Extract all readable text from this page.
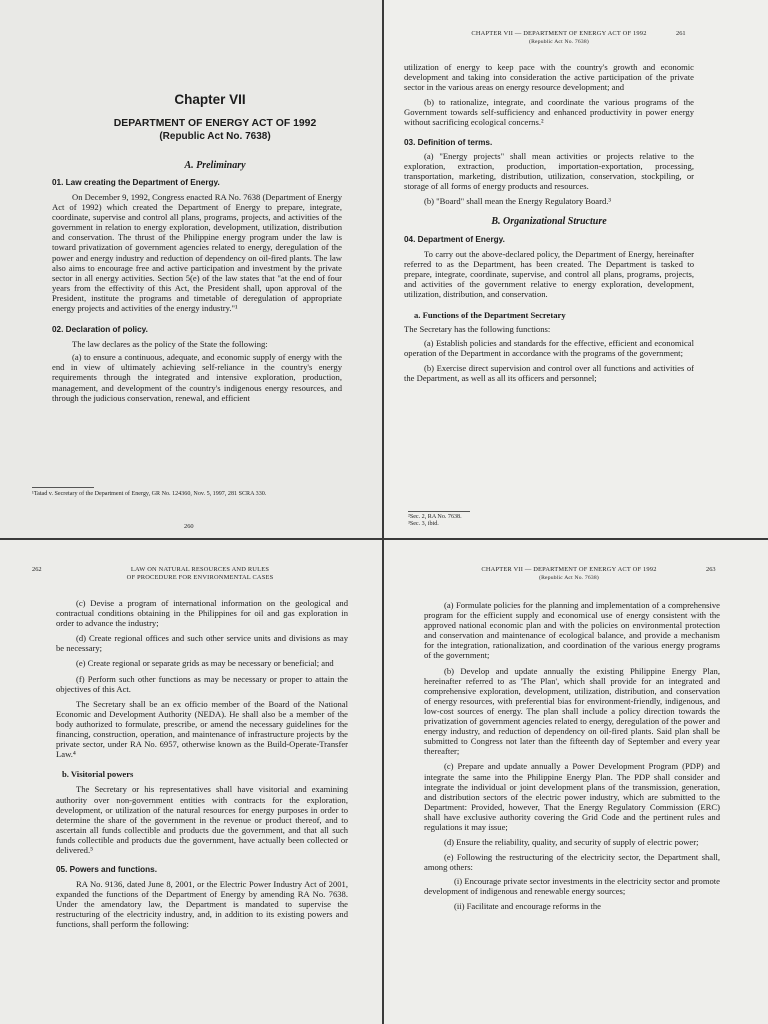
Chapter VII
DEPARTMENT OF ENERGY ACT OF 1992
(Republic Act No. 7638)

A. Preliminary

01. Law creating the Department of Energy.

On December 9, 1992, Congress enacted RA No. 7638 (Department of Energy Act of 1992) which created the Department of Energy to prepare, integrate, coordinate, supervise and control all plans, programs, projects, and activities of the government in relation to energy exploration, development, utilization, distribution and conservation. The thrust of the Philippine energy program under the law is toward privatization of government agencies related to energy, deregulation of the power and energy industry and reduction of dependency on oil-fired plants. The law also aims to encourage free and active participation and investment by the private sector in all energy activities. Section 5(e) of the law states that "at the end of four years from the effectivity of this Act, the President shall, upon approval of the President, institute the programs and timetable of deregulation of appropriate energy projects and activities of the energy industry."¹

02. Declaration of policy.

The law declares as the policy of the State the following:

(a) to ensure a continuous, adequate, and economic supply of energy with the end in view of ultimately achieving self-reliance in the country's energy requirements through the integrated and intensive exploration, production, management, and development of the country's indigenous energy resources, and through the judicious conservation, renewal, and efficient

¹Tatad v. Secretary of the Department of Energy, GR No. 124360, Nov. 5, 1997, 281 SCRA 330.

260
CHAPTER VII — DEPARTMENT OF ENERGY ACT OF 1992
(Republic Act No. 7638)
261

utilization of energy to keep pace with the country's growth and economic development and taking into consideration the active participation of the private sector in the various areas on energy resource development; and

(b) to rationalize, integrate, and coordinate the various programs of the Government towards self-sufficiency and enhanced productivity in power energy without sacrificing ecological concerns.²

03. Definition of terms.

(a) "Energy projects" shall mean activities or projects relative to the exploration, extraction, production, importation-exportation, processing, transportation, marketing, distribution, utilization, conservation, stockpiling, or storage of all forms of energy products and resources.

(b) "Board" shall mean the Energy Regulatory Board.³

B. Organizational Structure

04. Department of Energy.

To carry out the above-declared policy, the Department of Energy, hereinafter referred to as the Department, has been created. The Department is tasked to prepare, integrate, coordinate, supervise, and control all plans, programs, projects, and activities of the government relative to energy exploration, development, utilization, distribution, and conservation.

a. Functions of the Department Secretary

The Secretary has the following functions:

(a) Establish policies and standards for the effective, efficient and economical operation of the Department in accordance with the programs of the government;

(b) Exercise direct supervision and control over all functions and activities of the Department, as well as all its officers and personnel;

²Sec. 2, RA No. 7638.

³Sec. 3, ibid.

262	LAW ON NATURAL RESOURCES AND RULES
OF PROCEDURE FOR ENVIRONMENTAL CASES

(c) Devise a program of international information on the geological and contractual conditions obtaining in the Philippines for oil and gas exploration in order to advance the industry;

(d) Create regional offices and such other service units and divisions as may be necessary;

(e) Create regional or separate grids as may be necessary or beneficial; and

(f) Perform such other functions as may be necessary or proper to attain the objectives of this Act.

The Secretary shall be an ex officio member of the Board of the National Economic and Development Authority (NEDA). He shall also be a member of the body authorized to formulate, prescribe, or amend the necessary guidelines for the financing, construction, operation, and maintenance of infrastructure projects by the private sector, under RA No. 6957, otherwise known as the Build-Operate-Transfer Law.⁴

b. Visitorial powers

The Secretary or his representatives shall have visitorial and examining authority over non-government entities with contracts for the exploration, development, or utilization of the natural resources for energy purposes in order to determine the share of the government in the revenue or product thereof, and to ascertain all funds collectible and products due the government, and that all such funds collectible and products due the government, have actually been collected or delivered.⁵

05. Powers and functions.

RA No. 9136, dated June 8, 2001, or the Electric Power Industry Act of 2001, expanded the functions of the Department of Energy by amending RA No. 7638. Under the amendatory law, the Department is mandated to supervise the restructuring of the electricity industry, and, in addition to its existing powers and functions, shall perform the following:

CHAPTER VII — DEPARTMENT OF ENERGY ACT OF 1992
(Republic Act No. 7638)
263

(a) Formulate policies for the planning and implementation of a comprehensive program for the efficient supply and economical use of energy consistent with the approved national economic plan and with the policies on environmental protection and conservation and maintenance of ecological balance, and provide a mechanism for the integration, rationalization, and coordination of the various energy programs of the government;

(b) Develop and update annually the existing Philippine Energy Plan, hereinafter referred to as 'The Plan', which shall provide for an integrated and comprehensive exploration, development, utilization, distribution, and conservation of energy resources, with preferential bias for environment-friendly, indigenous, and low-cost sources of energy. The plan shall include a policy direction towards the privatization of government agencies related to energy, deregulation of the power and energy industry, and reduction of dependency on oil-fired plants. Said plan shall be submitted to Congress not later than the fifteenth day of September and every year thereafter;

(c) Prepare and update annually a Power Development Program (PDP) and integrate the same into the Philippine Energy Plan. The PDP shall consider and integrate the individual or joint development plans of the transmission, generation, and distribution sectors of the electric power industry, which are submitted to the Department: Provided, however, That the Energy Regulatory Commission (ERC) shall have exclusive authority covering the Grid Code and the pertinent rules and regulations it may issue;

(d) Ensure the reliability, quality, and security of supply of electric power;

(e) Following the restructuring of the electricity sector, the Department shall, among others:

(i) Encourage private sector investments in the electricity sector and promote development of indigenous and renewable energy sources;

(ii) Facilitate and encourage reforms in the
